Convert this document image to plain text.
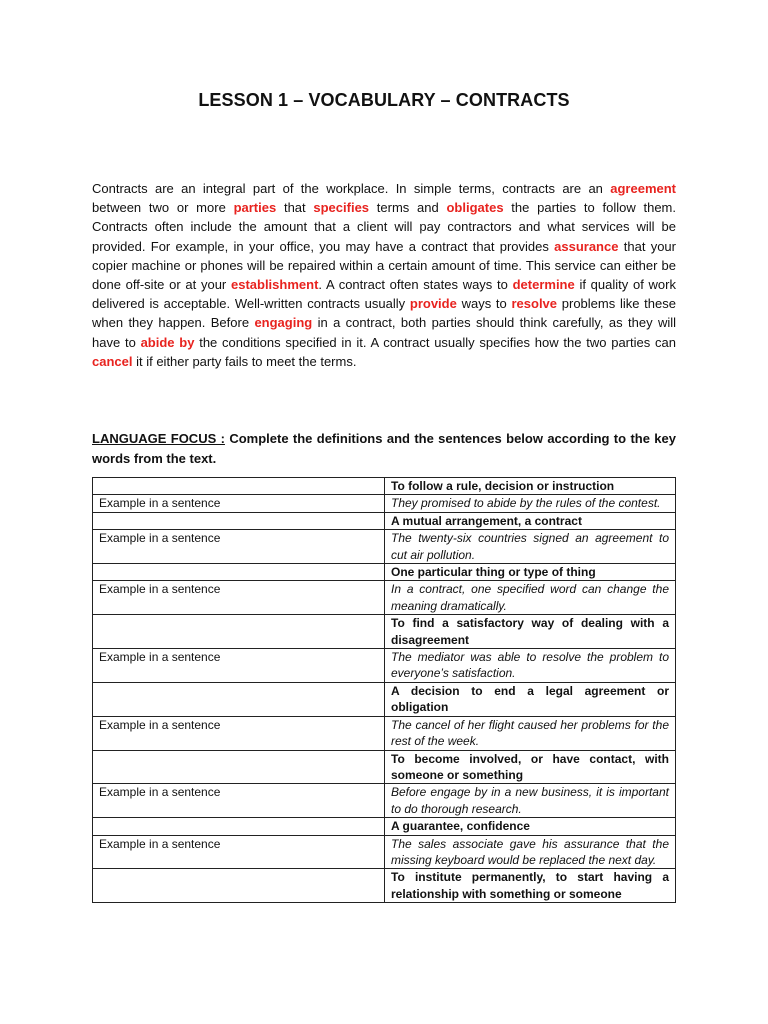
LESSON 1 – VOCABULARY – CONTRACTS
Contracts are an integral part of the workplace. In simple terms, contracts are an agreement between two or more parties that specifies terms and obligates the parties to follow them. Contracts often include the amount that a client will pay contractors and what services will be provided. For example, in your office, you may have a contract that provides assurance that your copier machine or phones will be repaired within a certain amount of time. This service can either be done off-site or at your establishment. A contract often states ways to determine if quality of work delivered is acceptable. Well-written contracts usually provide ways to resolve problems like these when they happen. Before engaging in a contract, both parties should think carefully, as they will have to abide by the conditions specified in it. A contract usually specifies how the two parties can cancel it if either party fails to meet the terms.
LANGUAGE FOCUS : Complete the definitions and the sentences below according to the key words from the text.
	To follow a rule, decision or instruction
Example in a sentence	They promised to abide by the rules of the contest.
	A mutual arrangement, a contract
Example in a sentence	The twenty-six countries signed an agreement to cut air pollution.
	One particular thing or type of thing
Example in a sentence	In a contract, one specified word can change the meaning dramatically.
	To find a satisfactory way of dealing with a disagreement
Example in a sentence	The mediator was able to resolve the problem to everyone’s satisfaction.
	A decision to end a legal agreement or obligation
Example in a sentence	The cancel of her flight caused her problems for the rest of the week.
	To become involved, or have contact, with someone or something
Example in a sentence	Before engage by in a new business, it is important to do thorough research.
	A guarantee, confidence
Example in a sentence	The sales associate gave his assurance that the missing keyboard would be replaced the next day.
	To institute permanently, to start having a relationship with something or someone
